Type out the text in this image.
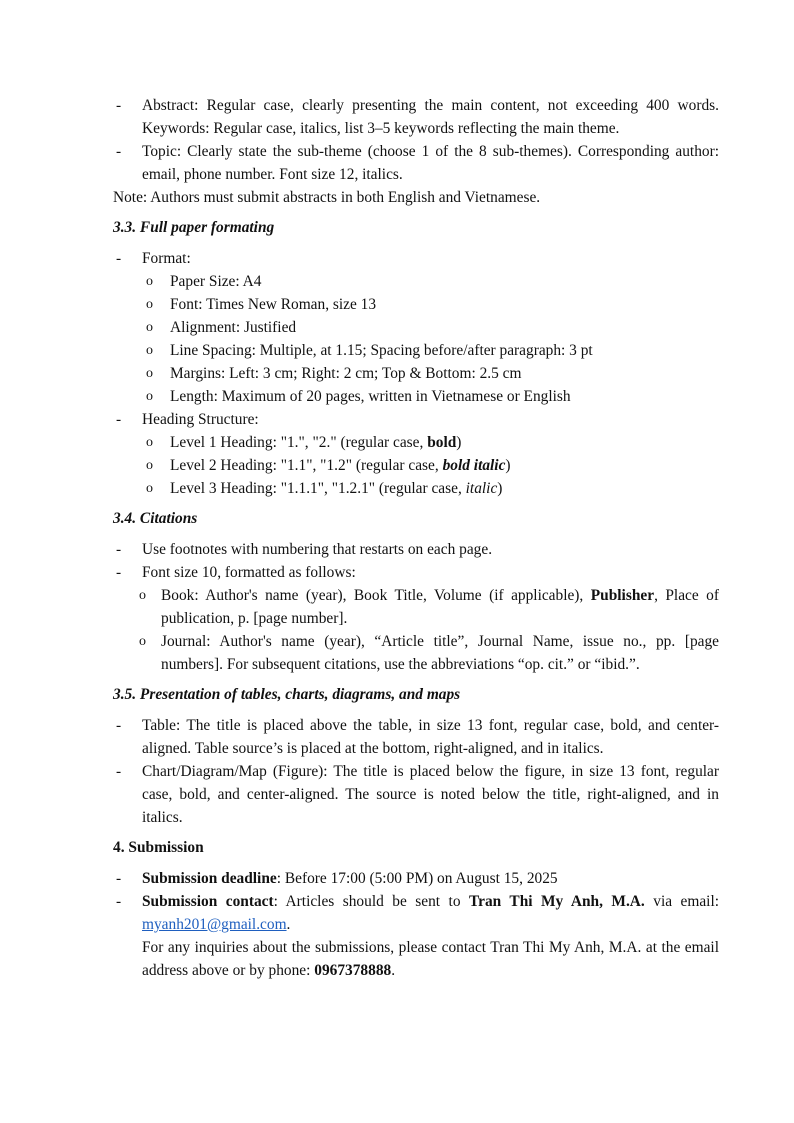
-	Abstract: Regular case, clearly presenting the main content, not exceeding 400 words. Keywords: Regular case, italics, list 3–5 keywords reflecting the main theme.
-	Topic: Clearly state the sub-theme (choose 1 of the 8 sub-themes). Corresponding author: email, phone number. Font size 12, italics.

Note: Authors must submit abstracts in both English and Vietnamese.

3.3. Full paper formating
-	Format:
o	Paper Size: A4
o	Font: Times New Roman, size 13
o	Alignment: Justified
o	Line Spacing: Multiple, at 1.15; Spacing before/after paragraph: 3 pt
o	Margins: Left: 3 cm; Right: 2 cm; Top & Bottom: 2.5 cm
o	Length: Maximum of 20 pages, written in Vietnamese or English
-	Heading Structure:
o	Level 1 Heading: "1.", "2." (regular case, bold)
o	Level 2 Heading: "1.1", "1.2" (regular case, bold italic)
o	Level 3 Heading: "1.1.1", "1.2.1" (regular case, italic)
3.4. Citations
-	Use footnotes with numbering that restarts on each page.
-	Font size 10, formatted as follows:
o Book: Author's name (year), Book Title, Volume (if applicable), Publisher, Place of publication, p. [page number].
o Journal: Author's name (year), “Article title”, Journal Name, issue no., pp. [page numbers]. For subsequent citations, use the abbreviations “op. cit.” or “ibid.”.
3.5. Presentation of tables, charts, diagrams, and maps
-	Table: The title is placed above the table, in size 13 font, regular case, bold, and center-aligned. Table source’s is placed at the bottom, right-aligned, and in italics.
-	Chart/Diagram/Map (Figure): The title is placed below the figure, in size 13 font, regular case, bold, and center-aligned. The source is noted below the title, right-aligned, and in italics.
4. Submission
-	Submission deadline: Before 17:00 (5:00 PM) on August 15, 2025
-	Submission contact: Articles should be sent to Tran Thi My Anh, M.A. via email: myanh201@gmail.com.

For any inquiries about the submissions, please contact Tran Thi My Anh, M.A. at the email address above or by phone: 0967378888.
